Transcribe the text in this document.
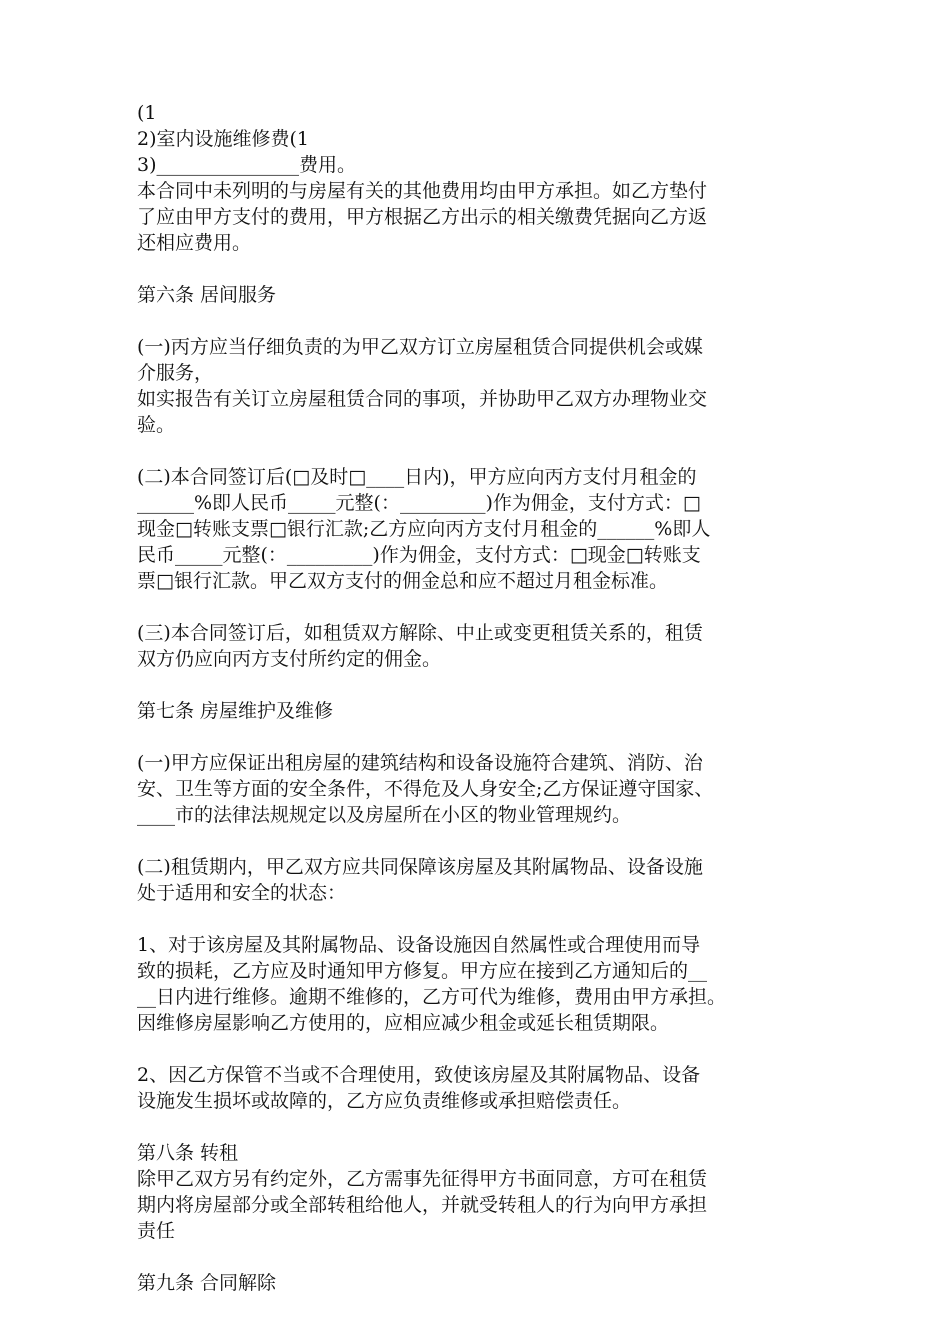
(1

2)室内设施维修费(1

3)_______________费用。

本合同中未列明的与房屋有关的其他费用均由甲方承担。如乙方垫付

了应由甲方支付的费用，甲方根据乙方出示的相关缴费凭据向乙方返

还相应费用。

第六条 居间服务

(一)丙方应当仔细负责的为甲乙双方订立房屋租赁合同提供机会或媒

介服务，

如实报告有关订立房屋租赁合同的事项，并协助甲乙双方办理物业交

验。

(二)本合同签订后(□及时□____日内)，甲方应向丙方支付月租金的

______%即人民币_____元整(：_________)作为佣金，支付方式：□

现金□转账支票□银行汇款;乙方应向丙方支付月租金的______%即人

民币_____元整(：_________)作为佣金，支付方式：□现金□转账支

票□银行汇款。甲乙双方支付的佣金总和应不超过月租金标准。

(三)本合同签订后，如租赁双方解除、中止或变更租赁关系的，租赁

双方仍应向丙方支付所约定的佣金。

第七条 房屋维护及维修

(一)甲方应保证出租房屋的建筑结构和设备设施符合建筑、消防、治

安、卫生等方面的安全条件，不得危及人身安全;乙方保证遵守国家、

____市的法律法规规定以及房屋所在小区的物业管理规约。

(二)租赁期内，甲乙双方应共同保障该房屋及其附属物品、设备设施

处于适用和安全的状态：

1、对于该房屋及其附属物品、设备设施因自然属性或合理使用而导

致的损耗，乙方应及时通知甲方修复。甲方应在接到乙方通知后的__

__日内进行维修。逾期不维修的，乙方可代为维修，费用由甲方承担。

因维修房屋影响乙方使用的，应相应减少租金或延长租赁期限。

2、因乙方保管不当或不合理使用，致使该房屋及其附属物品、设备

设施发生损坏或故障的，乙方应负责维修或承担赔偿责任。

第八条 转租

除甲乙双方另有约定外，乙方需事先征得甲方书面同意，方可在租赁

期内将房屋部分或全部转租给他人，并就受转租人的行为向甲方承担

责任

第九条 合同解除
